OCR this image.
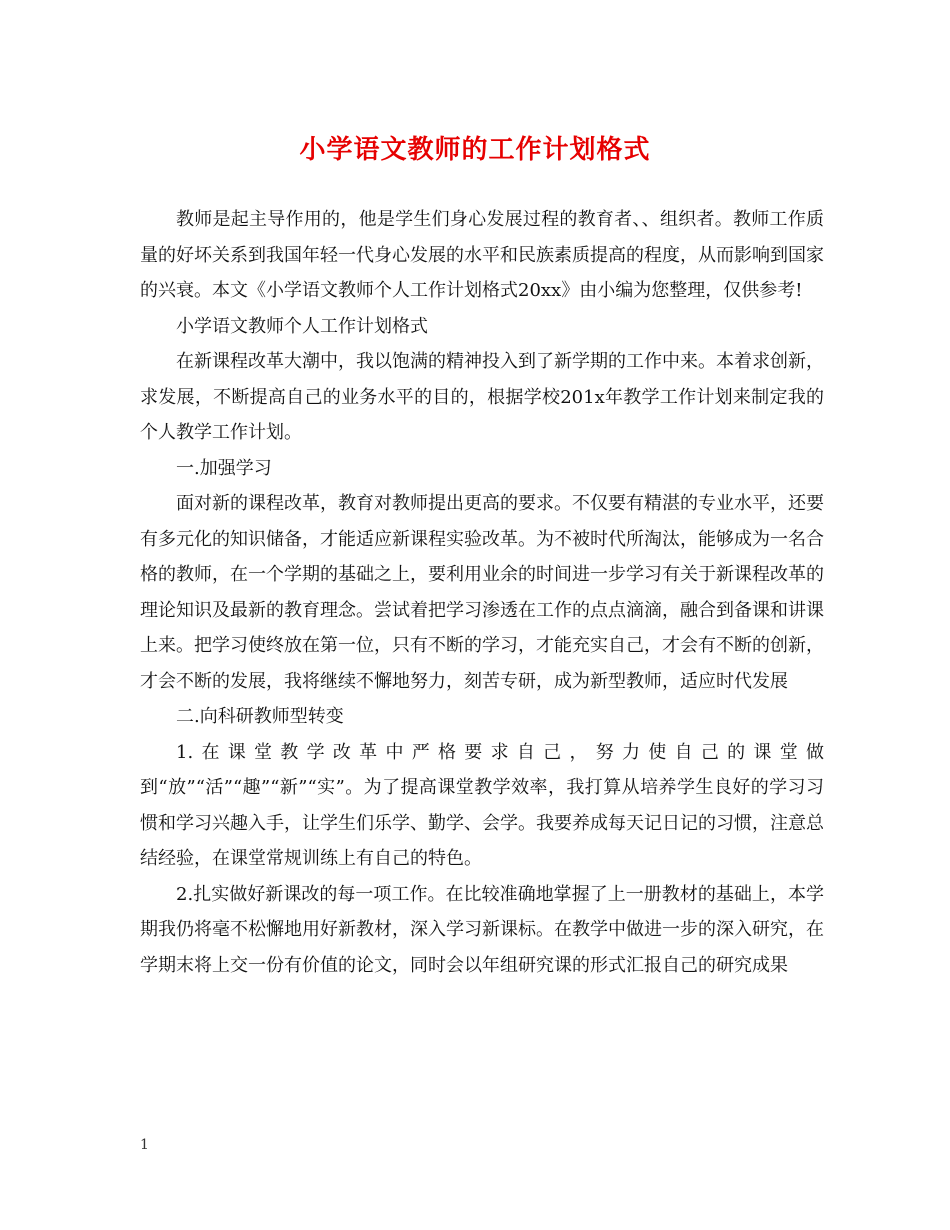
小学语文教师的工作计划格式

教师是起主导作用的，他是学生们身心发展过程的教育者、、组织者。教师工作质量的好坏关系到我国年轻一代身心发展的水平和民族素质提高的程度，从而影响到国家的兴衰。本文《小学语文教师个人工作计划格式20xx》由小编为您整理，仅供参考!

小学语文教师个人工作计划格式

在新课程改革大潮中，我以饱满的精神投入到了新学期的工作中来。本着求创新，求发展，不断提高自己的业务水平的目的，根据学校201x年教学工作计划来制定我的个人教学工作计划。

一.加强学习

面对新的课程改革，教育对教师提出更高的要求。不仅要有精湛的专业水平，还要有多元化的知识储备，才能适应新课程实验改革。为不被时代所淘汰，能够成为一名合格的教师，在一个学期的基础之上，要利用业余的时间进一步学习有关于新课程改革的理论知识及最新的教育理念。尝试着把学习渗透在工作的点点滴滴，融合到备课和讲课上来。把学习使终放在第一位，只有不断的学习，才能充实自己，才会有不断的创新，才会不断的发展，我将继续不懈地努力，刻苦专研，成为新型教师，适应时代发展

二.向科研教师型转变

1.在课堂教学改革中严格要求自己，努力使自己的课堂做到“放”“活”“趣”“新”“实”。为了提高课堂教学效率，我打算从培养学生良好的学习习惯和学习兴趣入手，让学生们乐学、勤学、会学。我要养成每天记日记的习惯，注意总结经验，在课堂常规训练上有自己的特色。

2.扎实做好新课改的每一项工作。在比较准确地掌握了上一册教材的基础上，本学期我仍将毫不松懈地用好新教材，深入学习新课标。在教学中做进一步的深入研究，在学期末将上交一份有价值的论文，同时会以年组研究课的形式汇报自己的研究成果

1
